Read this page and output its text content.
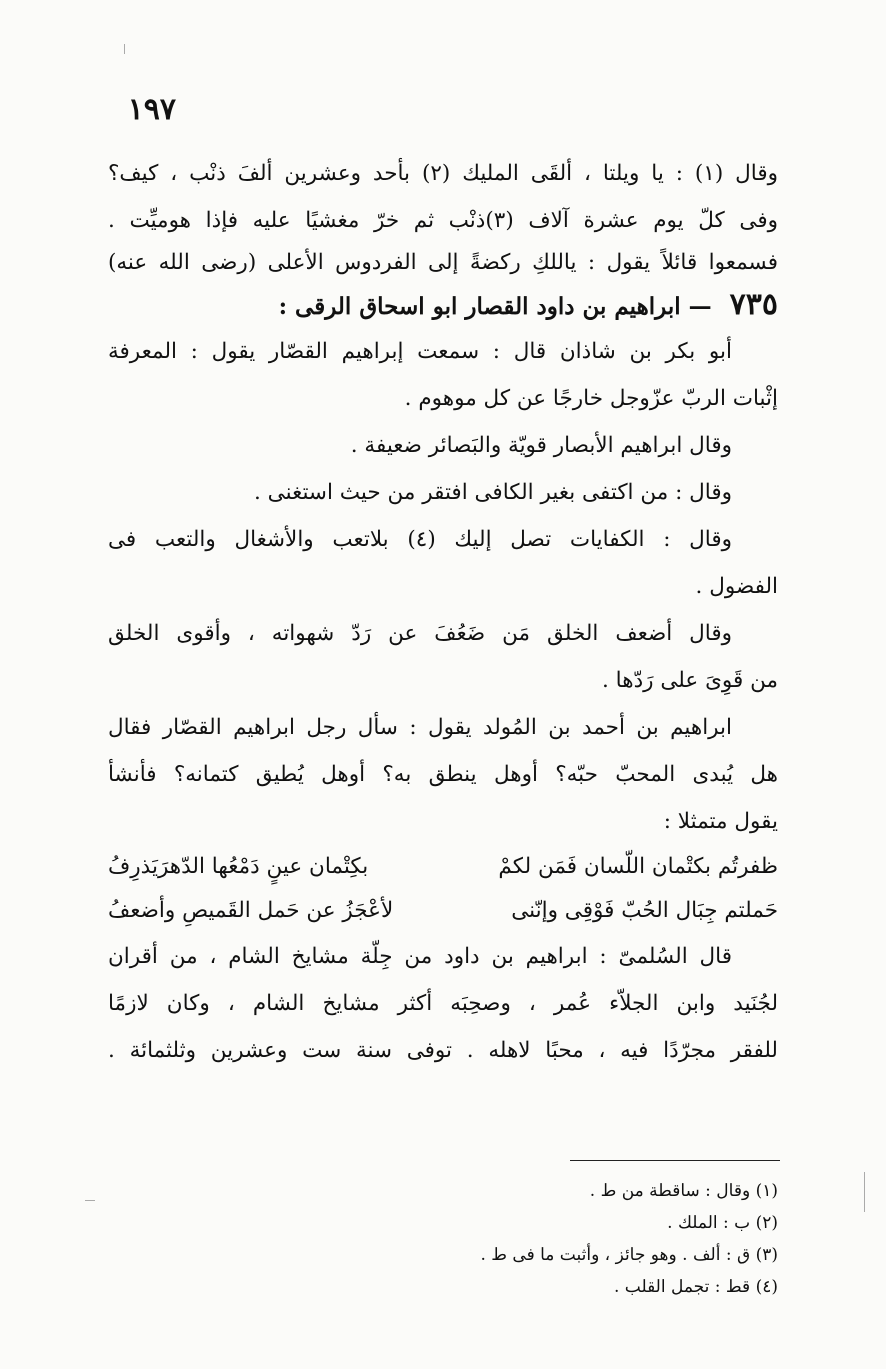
١٩٧
وقال (١) : يا ويلتا ، ألقَى المليك (٢) بأحد وعشرين ألفَ ذنْب ، كيف؟
وفى كلّ يوم عشرة آلاف (٣)ذنْب ثم خرّ مغشيًا عليه فإذا هوميِّت .
فسمعوا قائلاً يقول : ياللكِ ركضةً إلى الفردوس الأعلى (رضى الله عنه)
٧٣٥ — ابراهيم بن داود القصار ابو اسحاق الرقى :
أبو بكر بن شاذان قال : سمعت إبراهيم القصّار يقول : المعرفة
إثْبات الربّ عزّوجل خارجًا عن كل موهوم .
وقال ابراهيم الأبصار قويّة والبَصائر ضعيفة .
وقال : من اكتفى بغير الكافى افتقر من حيث استغنى .
وقال : الكفايات تصل إليك (٤) بلاتعب والأشغال والتعب فى
الفضول .
وقال أضعف الخلق مَن ضَعُفَ عن رَدّ شهواته ، وأقوى الخلق
من قَوِىَ على رَدّها .
ابراهيم بن أحمد بن المُولد يقول : سأل رجل ابراهيم القصّار فقال
هل يُبدى المحبّ حبّه؟ أوهل ينطق به؟ أوهل يُطيق كتمانه؟ فأنشأ
يقول متمثلا :
ظفرتُم بكتْمان اللّسان فَمَن لكمْ
بكِتْمان عينٍ دَمْعُها الدّهرَيَذرِفُ
حَملتم جِبَال الحُبّ فَوْقِى وإنّنى
لأعْجَزُ عن حَمل القَميصِ وأضعفُ
قال السُلمىّ : ابراهيم بن داود من جِلّة مشايخ الشام ، من أقران
لجُنَيد وابن الجلاّء عُمر ، وصحِبَه أكثر مشايخ الشام ، وكان لازمًا
للفقر مجرّدًا فيه ، محبًا لاهله . توفى سنة ست وعشرين وثلثمائة .
(١) وقال : ساقطة من ط .
(٢) ب : الملك .
(٣) ق : ألف . وهو جائز ، وأثبت ما فى ط .
(٤) قط : تجمل القلب .
